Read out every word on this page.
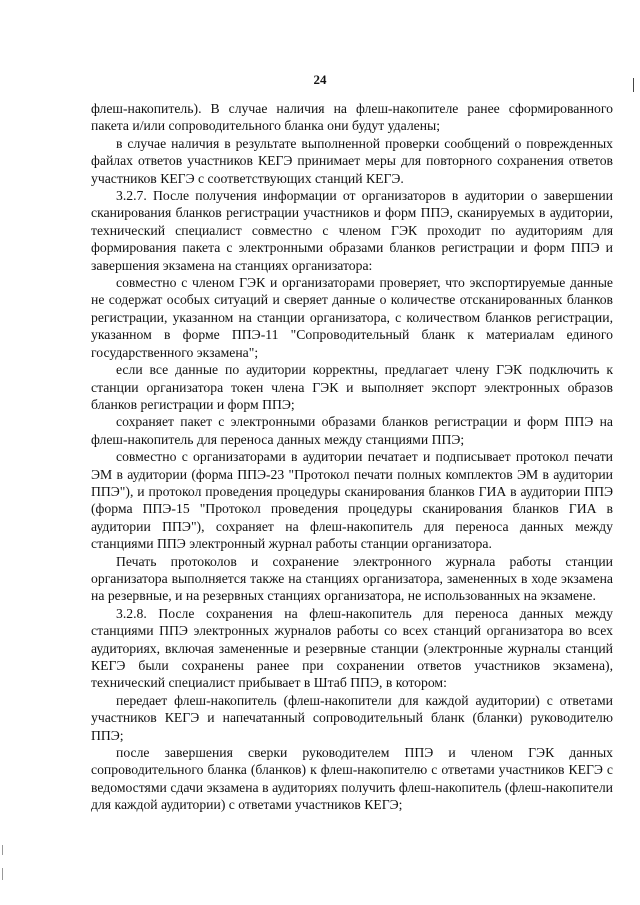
24

флеш-накопитель). В случае наличия на флеш-накопителе ранее сформированного пакета и/или сопроводительного бланка они будут удалены;

в случае наличия в результате выполненной проверки сообщений о поврежденных файлах ответов участников КЕГЭ принимает меры для повторного сохранения ответов участников КЕГЭ с соответствующих станций КЕГЭ.

3.2.7. После получения информации от организаторов в аудитории о завершении сканирования бланков регистрации участников и форм ППЭ, сканируемых в аудитории, технический специалист совместно с членом ГЭК проходит по аудиториям для формирования пакета с электронными образами бланков регистрации и форм ППЭ и завершения экзамена на станциях организатора:

совместно с членом ГЭК и организаторами проверяет, что экспортируемые данные не содержат особых ситуаций и сверяет данные о количестве отсканированных бланков регистрации, указанном на станции организатора, с количеством бланков регистрации, указанном в форме ППЭ-11 "Сопроводительный бланк к материалам единого государственного экзамена";

если все данные по аудитории корректны, предлагает члену ГЭК подключить к станции организатора токен члена ГЭК и выполняет экспорт электронных образов бланков регистрации и форм ППЭ;

сохраняет пакет с электронными образами бланков регистрации и форм ППЭ на флеш-накопитель для переноса данных между станциями ППЭ;

совместно с организаторами в аудитории печатает и подписывает протокол печати ЭМ в аудитории (форма ППЭ-23 "Протокол печати полных комплектов ЭМ в аудитории ППЭ"), и протокол проведения процедуры сканирования бланков ГИА в аудитории ППЭ (форма ППЭ-15 "Протокол проведения процедуры сканирования бланков ГИА в аудитории ППЭ"), сохраняет на флеш-накопитель для переноса данных между станциями ППЭ электронный журнал работы станции организатора.

Печать протоколов и сохранение электронного журнала работы станции организатора выполняется также на станциях организатора, замененных в ходе экзамена на резервные, и на резервных станциях организатора, не использованных на экзамене.

3.2.8. После сохранения на флеш-накопитель для переноса данных между станциями ППЭ электронных журналов работы со всех станций организатора во всех аудиториях, включая замененные и резервные станции (электронные журналы станций КЕГЭ были сохранены ранее при сохранении ответов участников экзамена), технический специалист прибывает в Штаб ППЭ, в котором:

передает флеш-накопитель (флеш-накопители для каждой аудитории) с ответами участников КЕГЭ и напечатанный сопроводительный бланк (бланки) руководителю ППЭ;

после завершения сверки руководителем ППЭ и членом ГЭК данных сопроводительного бланка (бланков) к флеш-накопителю с ответами участников КЕГЭ с ведомостями сдачи экзамена в аудиториях получить флеш-накопитель (флеш-накопители для каждой аудитории) с ответами участников КЕГЭ;
